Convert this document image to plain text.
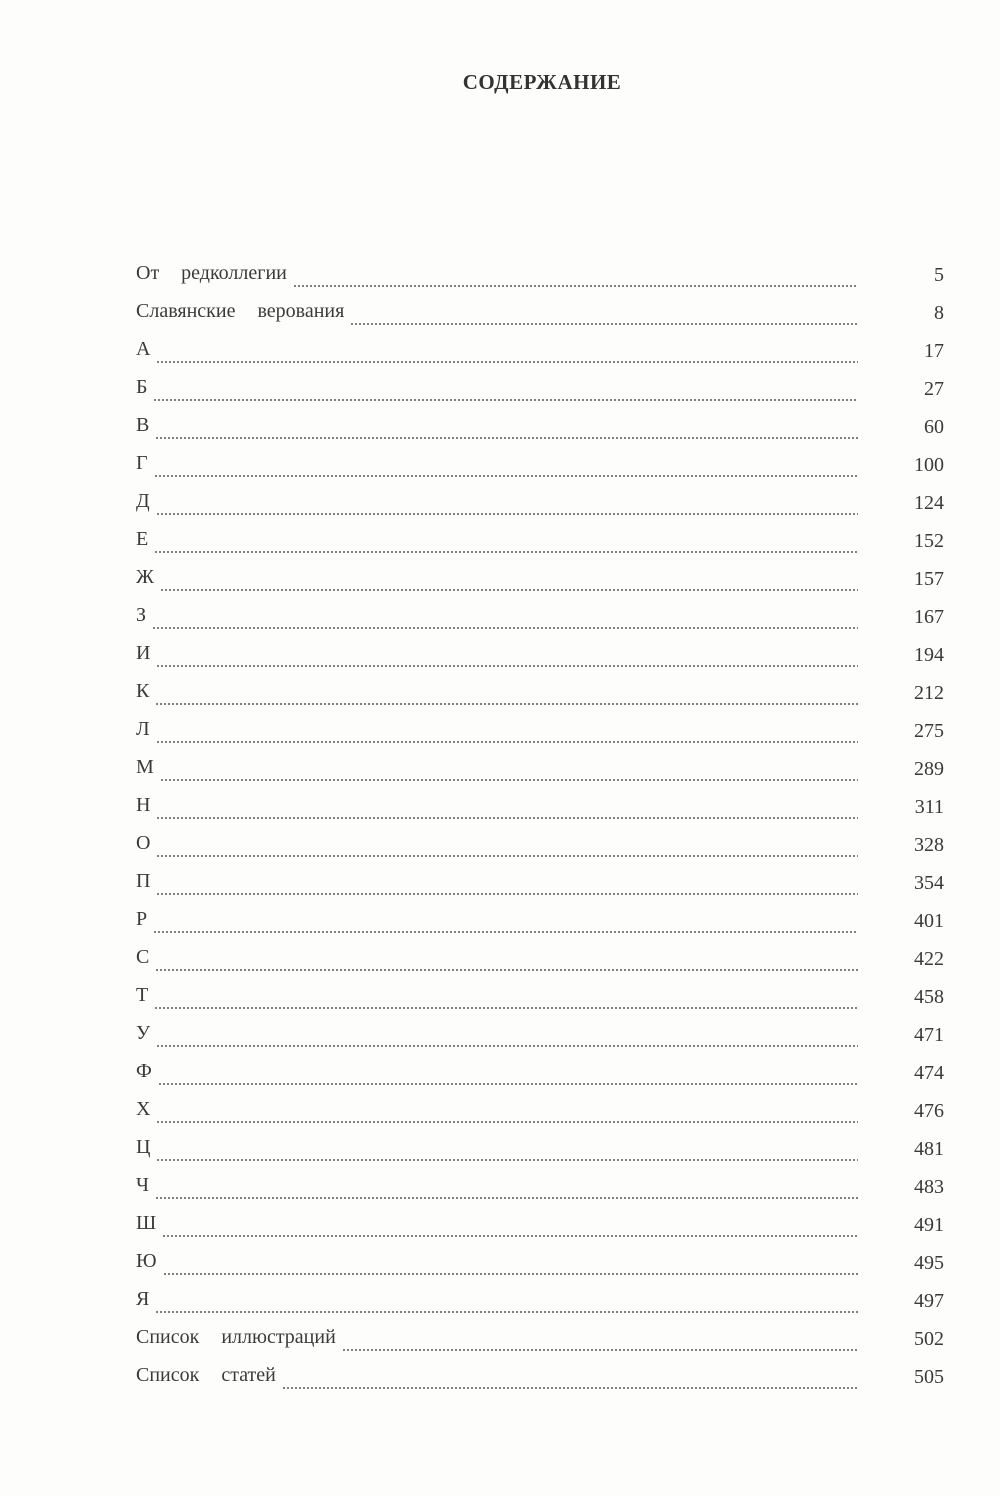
СОДЕРЖАНИЕ
От  редколлегии	5
Славянские  верования	8
А	17
Б	27
В	60
Г	100
Д	124
Е	152
Ж	157
З	167
И	194
К	212
Л	275
М	289
Н	311
О	328
П	354
Р	401
С	422
Т	458
У	471
Ф	474
Х	476
Ц	481
Ч	483
Ш	491
Ю	495
Я	497
Список  иллюстраций	502
Список  статей	505
